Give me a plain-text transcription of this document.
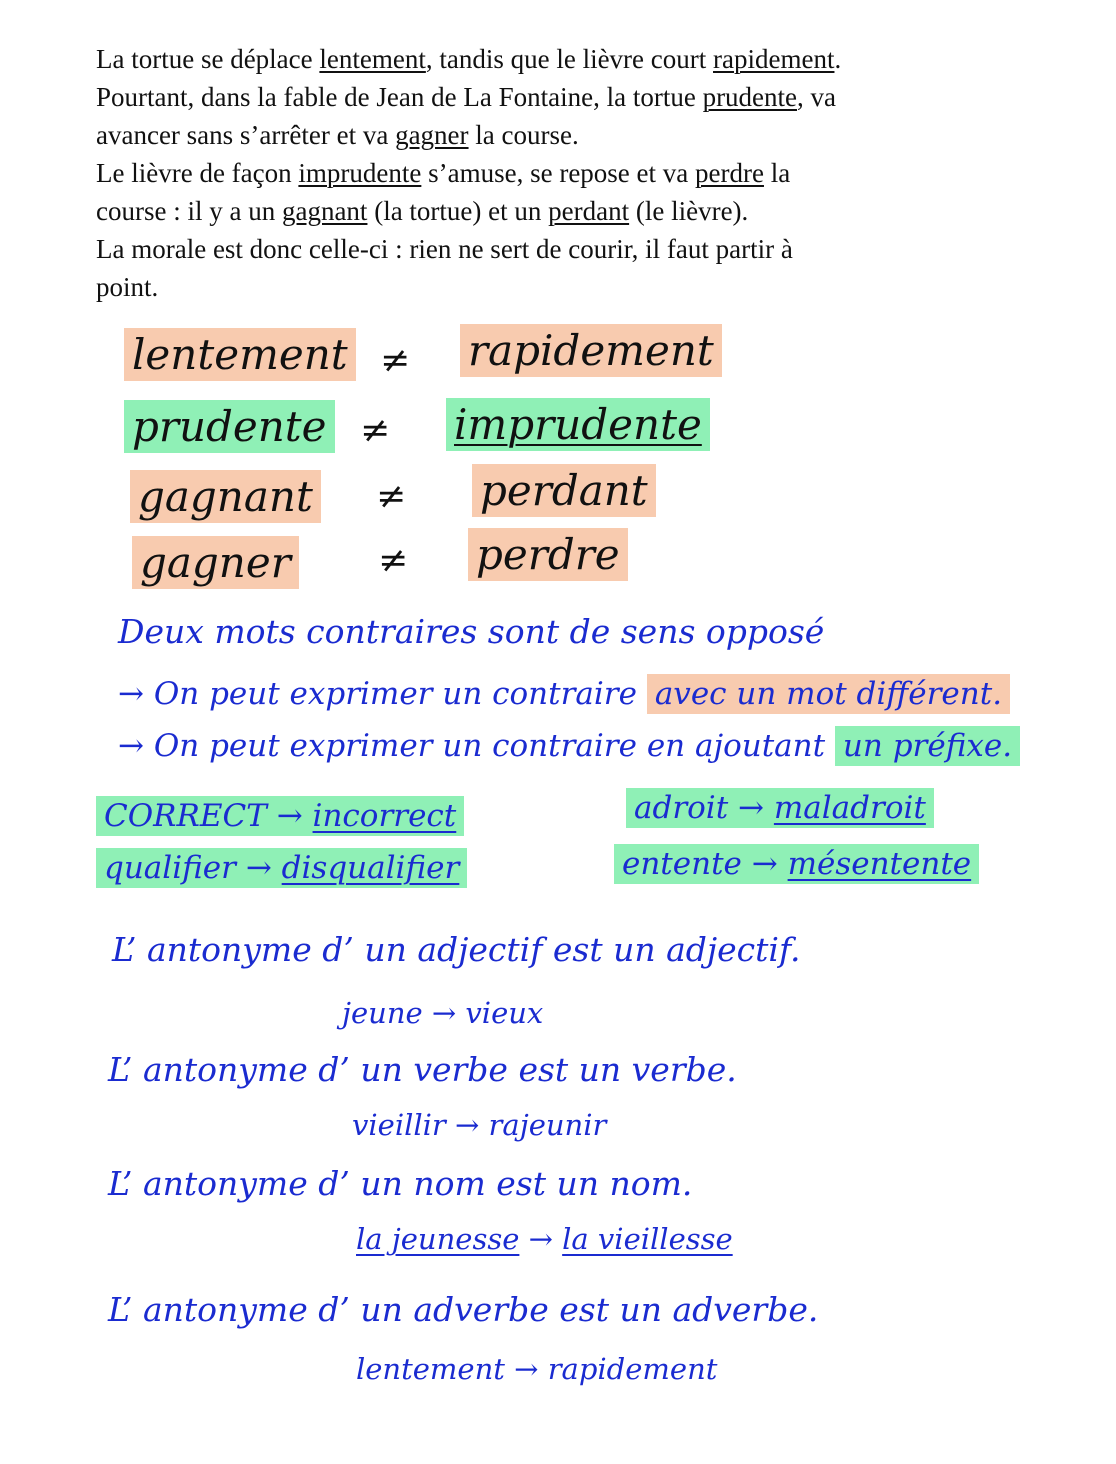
La tortue se déplace lentement, tandis que le lièvre court rapidement.
Pourtant, dans la fable de Jean de La Fontaine, la tortue prudente, va
avancer sans s’arrêter et va gagner la course.
Le lièvre de façon imprudente s’amuse, se repose et va perdre la
course : il y a un gagnant (la tortue) et un perdant (le lièvre).
La morale est donc celle-ci : rien ne sert de courir, il faut partir à
point.
lentement ≠ rapidement
prudente ≠ imprudente
gagnant ≠ perdant
gagner ≠ perdre
Deux mots contraires sont de sens opposé
→ On peut exprimer un contraire avec un mot différent.
→ On peut exprimer un contraire en ajoutant un préfixe.
CORRECT → incorrect	adroit → maladroit
qualifier → disqualifier	entente → mésentente
L’ antonyme d’ un adjectif est un adjectif.
jeune → vieux
L’ antonyme d’ un verbe est un verbe.
vieillir → rajeunir
L’ antonyme d’ un nom est un nom.
la jeunesse → la vieillesse
L’ antonyme d’ un adverbe est un adverbe.
lentement → rapidement
